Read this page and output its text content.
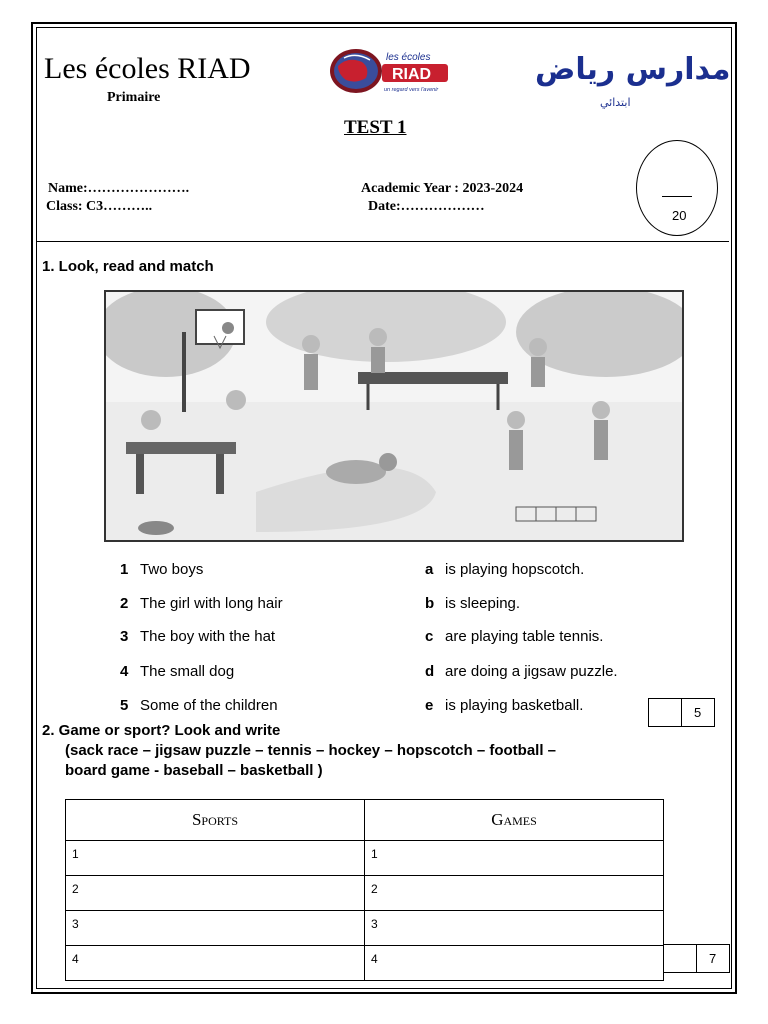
Les écoles RIAD
Primaire
les écoles
RIAD
un regard vers l'avenir
مدارس رياض
ابتدائي
TEST 1
Name:………………….
Class: C3………..
Academic Year : 2023-2024
Date:………………
20
1. Look, read and match
1 Two boys
2 The girl with long hair
3 The boy with the hat
4 The small dog
5 Some of the children
a is playing hopscotch.
b is sleeping.
c are playing table tennis.
d are doing a jigsaw puzzle.
e is playing basketball.	5
2. Game or sport? Look and write
(sack race – jigsaw puzzle – tennis – hockey – hopscotch – football –
board game - baseball – basketball )
Sports	Games
1	1
2	2
3	3
4	4	7
